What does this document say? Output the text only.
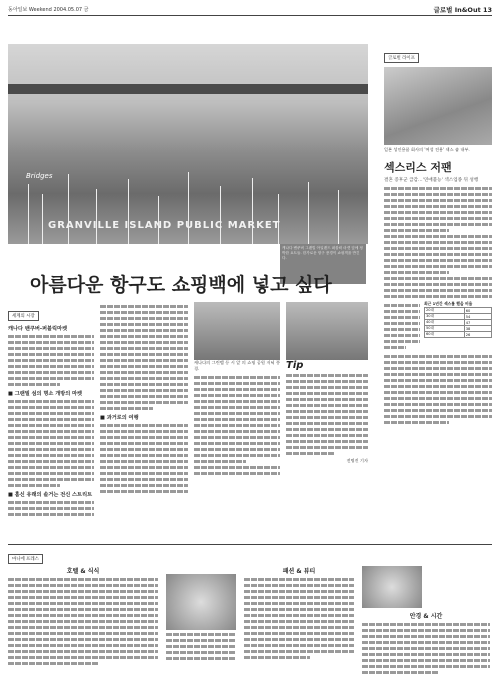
동아일보 Weekend 2004.05.07 금	글로벌 In&Out 13
Bridges
GRANVILLE ISLAND PUBLIC MARKET
캐나다 밴쿠버 그랜빌 아일랜드 퍼블릭 마켓 앞에 정박한 요트들. 한가로운 항구 풍경이 쇼핑객을 반긴다.
아름다운 항구도 쇼핑백에 넣고 싶다
글로벌 라이프
일본 성인용품 회사의 '여성 전용' 섹스 숍 내부.
섹스리스 저팬
결혼 증후군 급감…'연애불능' 섹스업종 뒤 성행
최근 1년간 섹스를 했을 비율
20대	60
30대	54
40대	47
50대	38
60대	26
세계의 시장
캐나다 밴쿠버-퍼블릭마켓
■ 그랜빌 섬의 명소 개방의 마켓
■ 홈신 유래의 솔거는 전신 스트리트
■ 과거로의 여행
캐나다의 그린벨 등 시 앞 의 쇼핑 공원 저녁 풍경.	Tip
전명진 기자
마니에 프레스
호텔 & 식식	패션 & 뷰티
안경 & 시간
